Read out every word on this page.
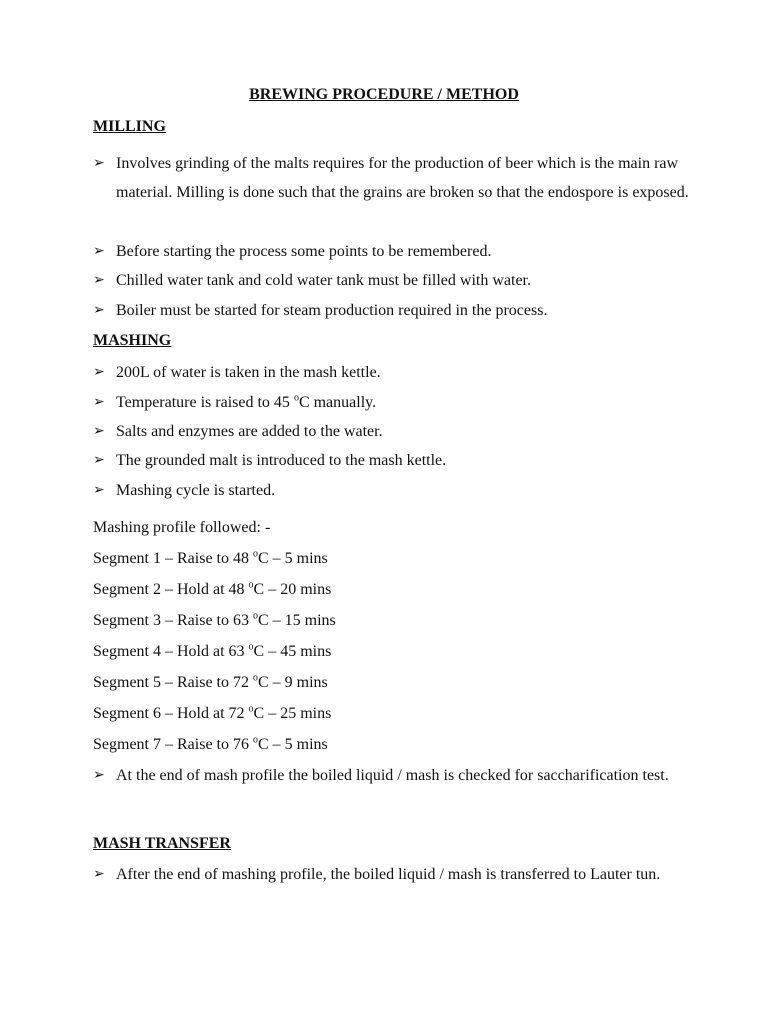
BREWING PROCEDURE / METHOD
MILLING

➢ Involves grinding of the malts requires for the production of beer which is the main raw material. Milling is done such that the grains are broken so that the endospore is exposed.

➢ Before starting the process some points to be remembered.

➢ Chilled water tank and cold water tank must be filled with water.

➢ Boiler must be started for steam production required in the process.

MASHING

➢ 200L of water is taken in the mash kettle.

➢ Temperature is raised to 45 $^o$C manually.

➢ Salts and enzymes are added to the water.

➢ The grounded malt is introduced to the mash kettle.

➢ Mashing cycle is started.

Mashing profile followed: -

Segment 1 – Raise to 48 $^o$C – 5 mins

Segment 2 – Hold at 48 $^o$C – 20 mins

Segment 3 – Raise to 63 $^o$C – 15 mins

Segment 4 – Hold at 63 $^o$C – 45 mins

Segment 5 – Raise to 72 $^o$C – 9 mins

Segment 6 – Hold at 72 $^o$C – 25 mins

Segment 7 – Raise to 76 $^o$C – 5 mins

➢ At the end of mash profile the boiled liquid / mash is checked for saccharification test.

MASH TRANSFER

➢ After the end of mashing profile, the boiled liquid / mash is transferred to Lauter tun.
